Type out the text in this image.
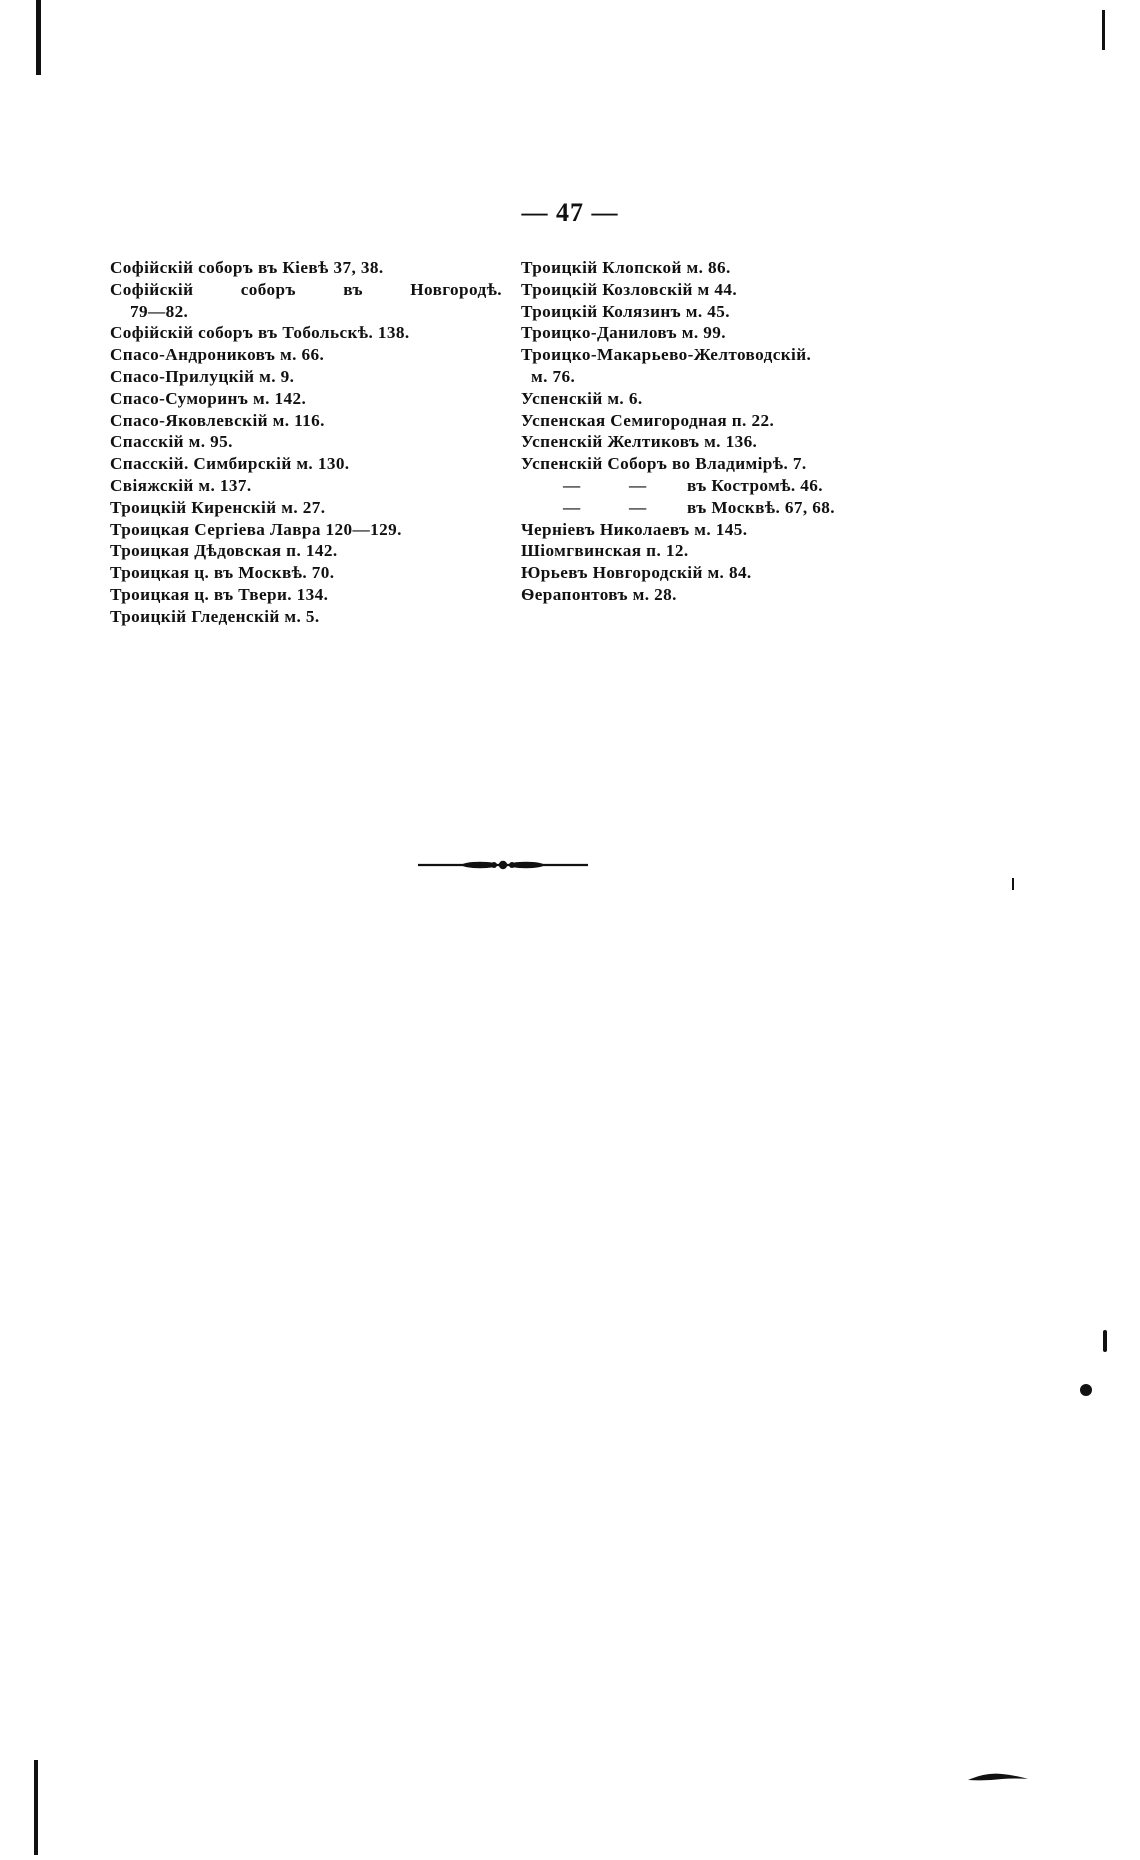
— 47 —
Софійскій соборъ въ Кіевѣ 37, 38.
Софійскій	соборъ	въ	Новгородѣ.
79—82.
Софійскій соборъ въ Тобольскѣ. 138.
Спасо-Андрониковъ м. 66.
Спасо-Прилуцкій м. 9.
Спасо-Суморинъ м. 142.
Спасо-Яковлевскій м. 116.
Спасскій м. 95.
Спасскій. Симбирскій м. 130.
Свіяжскій м. 137.
Троицкій Киренскій м. 27.
Троицкая Сергіева Лавра 120—129.
Троицкая Дѣдовская п. 142.
Троицкая ц. въ Москвѣ. 70.
Троицкая ц. въ Твери. 134.
Троицкій Гледенскій м. 5.
Троицкій Клопской м. 86.
Троицкій Козловскій м 44.
Троицкій Колязинъ м. 45.
Троицко-Даниловъ м. 99.
Троицко-Макарьево-Желтоводскій.
м. 76.
Успенскій м. 6.
Успенская Семигородная п. 22.
Успенскій Желтиковъ м. 136.
Успенскій Соборъ во Владимірѣ. 7.
—	—	въ Костромѣ. 46.
—	—	въ Москвѣ. 67, 68.
Черніевъ Николаевъ м. 145.
Шіомгвинская п. 12.
Юрьевъ Новгородскій м. 84.
Ѳерапонтовъ м. 28.
